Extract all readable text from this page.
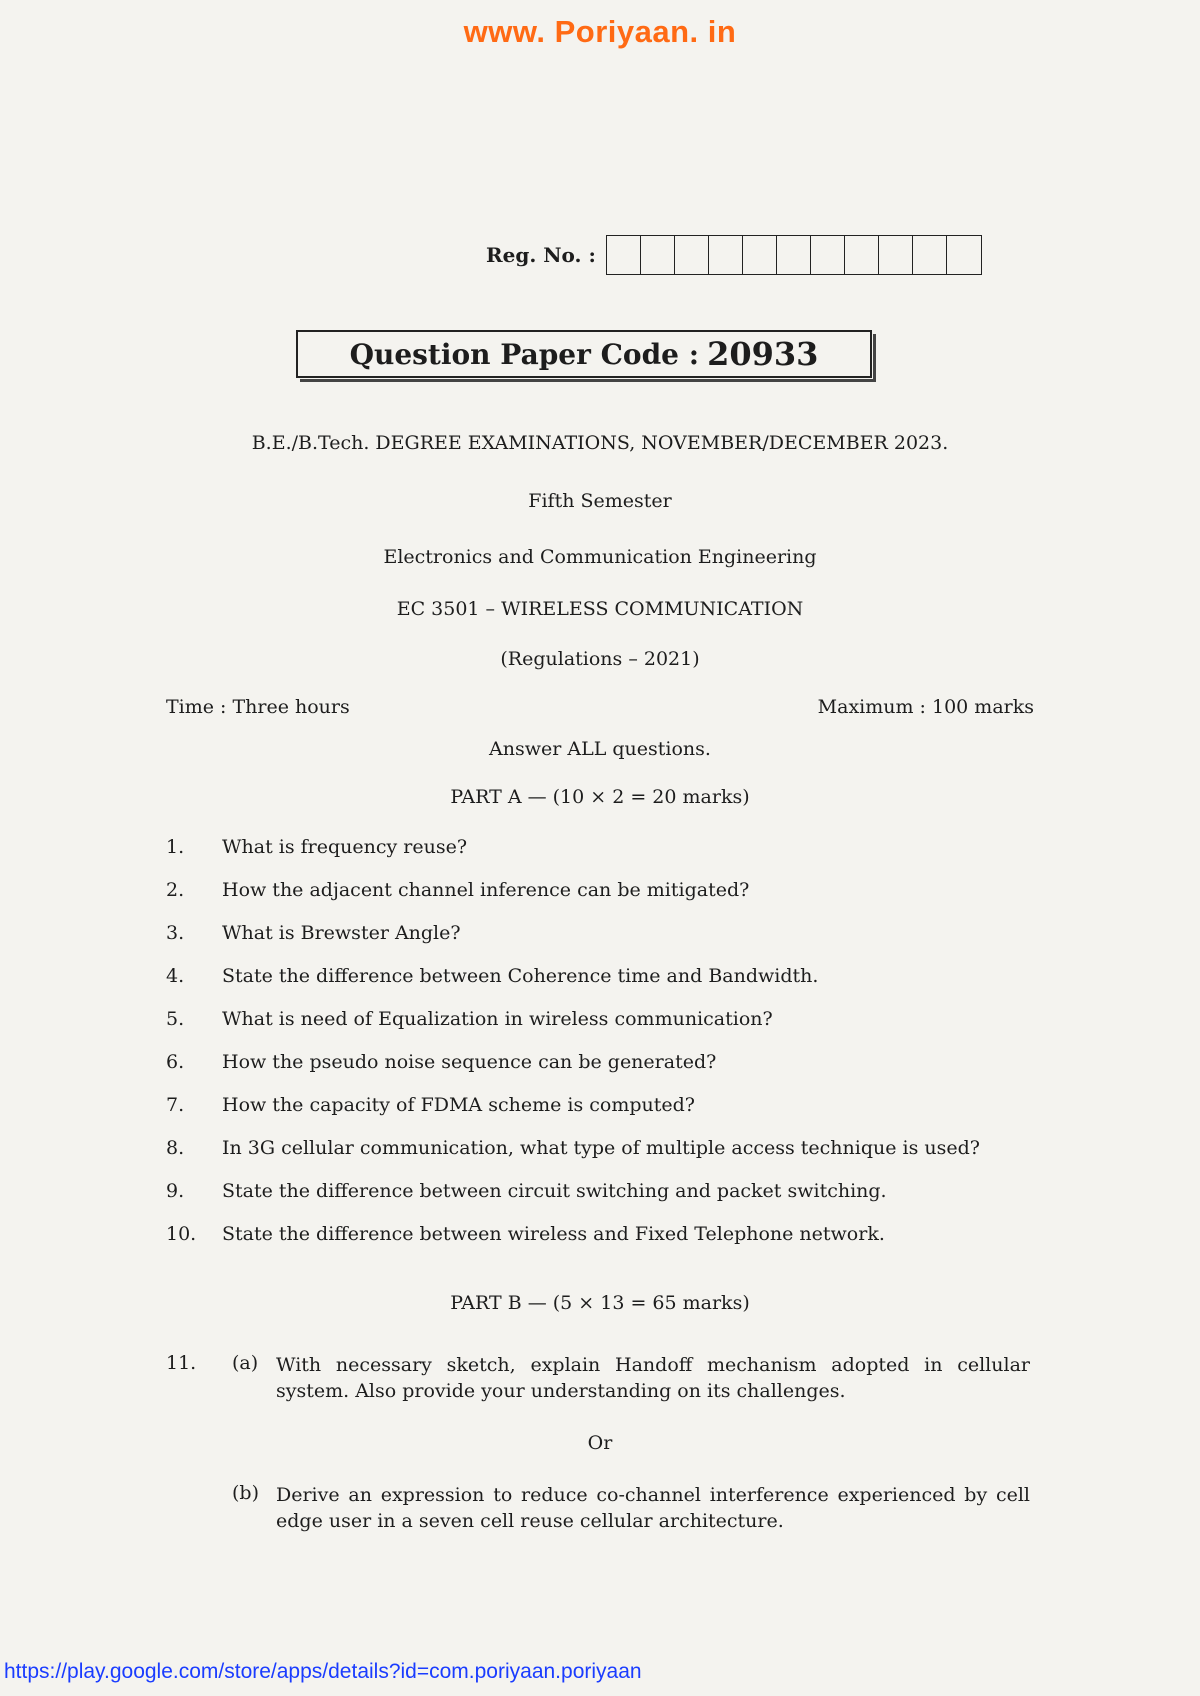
www. Poriyaan. in
Reg. No. :
Question Paper Code : 20933
B.E./B.Tech. DEGREE EXAMINATIONS, NOVEMBER/DECEMBER 2023.
Fifth Semester
Electronics and Communication Engineering
EC 3501 – WIRELESS COMMUNICATION
(Regulations – 2021)
Time : Three hours	Maximum : 100 marks
Answer ALL questions.
PART A — (10 × 2 = 20 marks)
1. What is frequency reuse?
2. How the adjacent channel inference can be mitigated?
3. What is Brewster Angle?
4. State the difference between Coherence time and Bandwidth.
5. What is need of Equalization in wireless communication?
6. How the pseudo noise sequence can be generated?
7. How the capacity of FDMA scheme is computed?
8. In 3G cellular communication, what type of multiple access technique is used?
9. State the difference between circuit switching and packet switching.
10. State the difference between wireless and Fixed Telephone network.
PART B — (5 × 13 = 65 marks)
11. (a) With necessary sketch, explain Handoff mechanism adopted in cellular system. Also provide your understanding on its challenges.
Or
(b) Derive an expression to reduce co-channel interference experienced by cell edge user in a seven cell reuse cellular architecture.
https://play.google.com/store/apps/details?id=com.poriyaan.poriyaan
